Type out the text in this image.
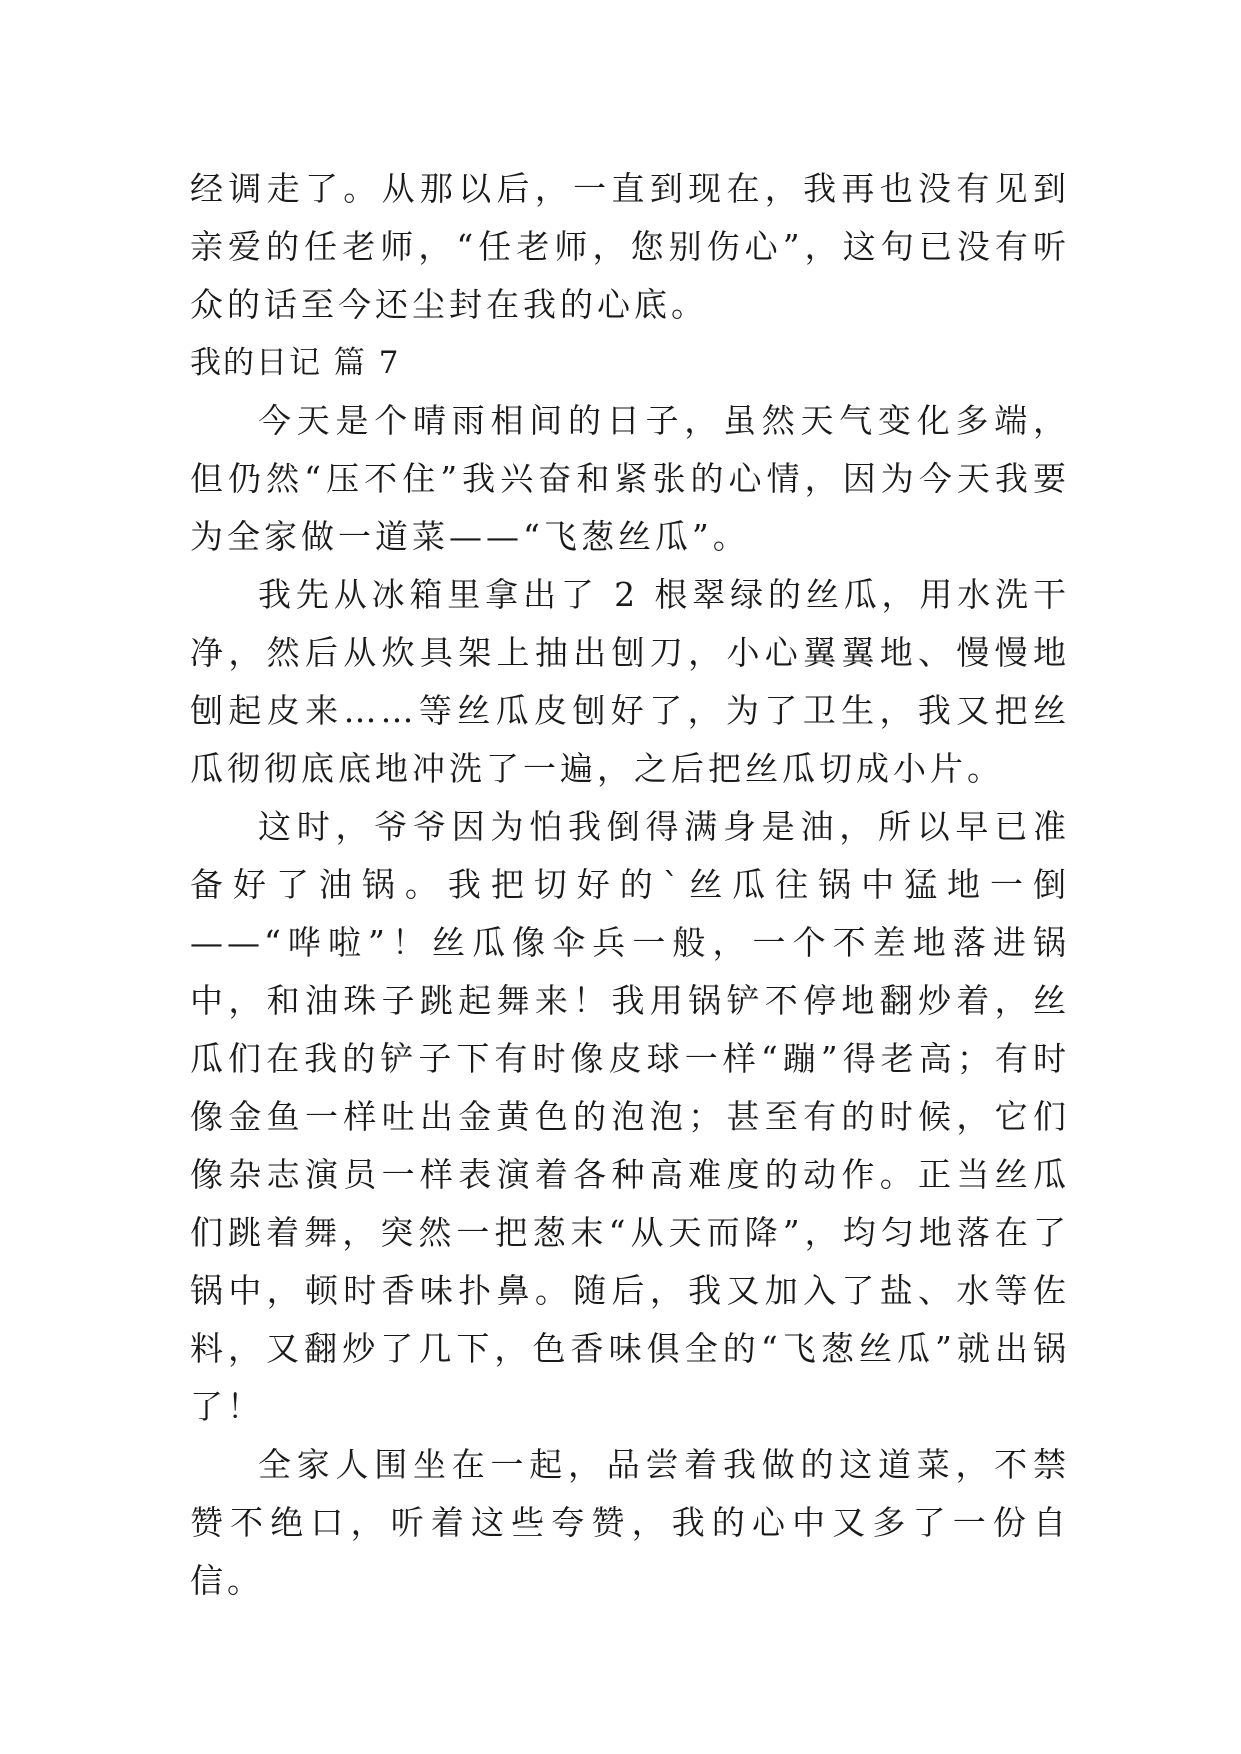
经调走了。从那以后，一直到现在，我再也没有见到亲爱的任老师，“任老师，您别伤心”，这句已没有听众的话至今还尘封在我的心底。

我的日记 篇 7

今天是个晴雨相间的日子，虽然天气变化多端，但仍然“压不住”我兴奋和紧张的心情，因为今天我要为全家做一道菜——“飞葱丝瓜”。

我先从冰箱里拿出了 2 根翠绿的丝瓜，用水洗干净，然后从炊具架上抽出刨刀，小心翼翼地、慢慢地刨起皮来……等丝瓜皮刨好了，为了卫生，我又把丝瓜彻彻底底地冲洗了一遍，之后把丝瓜切成小片。

这时，爷爷因为怕我倒得满身是油，所以早已准备好了油锅。我把切好的`丝瓜往锅中猛地一倒——“哗啦”！丝瓜像伞兵一般，一个不差地落进锅中，和油珠子跳起舞来！我用锅铲不停地翻炒着，丝瓜们在我的铲子下有时像皮球一样“蹦”得老高；有时像金鱼一样吐出金黄色的泡泡；甚至有的时候，它们像杂志演员一样表演着各种高难度的动作。正当丝瓜们跳着舞，突然一把葱末“从天而降”，均匀地落在了锅中，顿时香味扑鼻。随后，我又加入了盐、水等佐料，又翻炒了几下，色香味俱全的“飞葱丝瓜”就出锅了！

全家人围坐在一起，品尝着我做的这道菜，不禁赞不绝口，听着这些夸赞，我的心中又多了一份自信。
